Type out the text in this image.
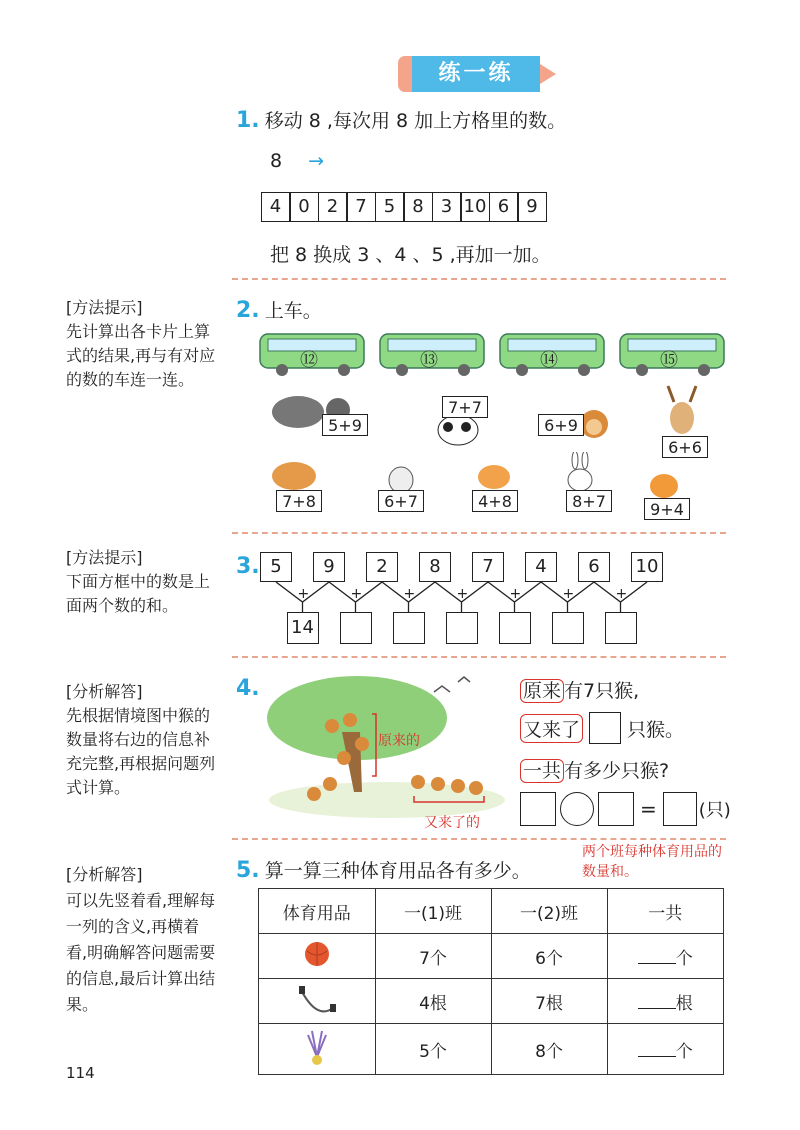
练一练
1. 移动 8 ,每次用 8 加上方格里的数。
8 →
4 0 2 7 5 8 3 10 6 9
把 8 换成 3 、4 、5 ,再加一加。
[方法提示]
先计算出各卡片上算式的结果,再与有对应的数的车连一连。
2. 上车。
⑫	⑬	⑭	⑮
5+9
7+7
6+9
6+6
7+8	6+7	4+8	8+7	9+4
[方法提示]
下面方框中的数是上面两个数的和。
3. 5	9	2	8	7	4	6	10
+
14
+	+	+	+	+	+
[分析解答]
先根据情境图中猴的数量将右边的信息补充完整,再根据问题列式计算。
4.
原来的
又来了的
原来 有7只猴,
又来了 只猴。
一共 有多少只猴?
= (只)
[分析解答]
可以先竖着看,理解每一列的含义,再横着看,明确解答问题需要的信息,最后计算出结果。
5. 算一算三种体育用品各有多少。
两个班每种体育用品的数量和。
体育用品	一(1)班	一(2)班	一共
	7个	6个	个
	4根	7根	根
	5个	8个	个
114
